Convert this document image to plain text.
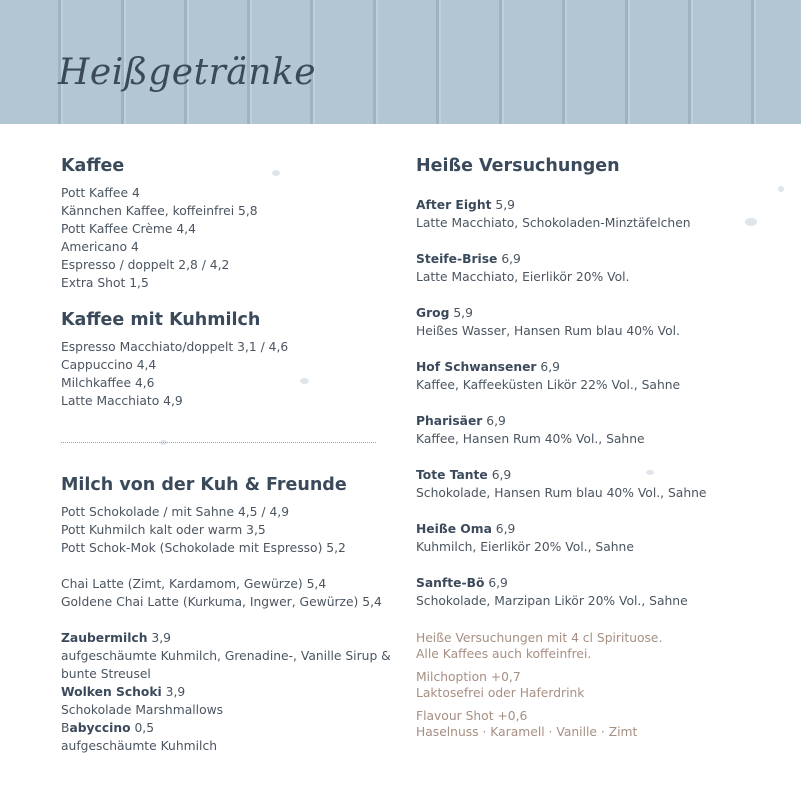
Heißgetränke
Kaffee
Pott Kaffee 4
Kännchen Kaffee, koffeinfrei 5,8
Pott Kaffee Crème 4,4
Americano 4
Espresso / doppelt 2,8 / 4,2
Extra Shot 1,5
Kaffee mit Kuhmilch
Espresso Macchiato/doppelt 3,1 / 4,6
Cappuccino 4,4
Milchkaffee 4,6
Latte Macchiato 4,9
Milch von der Kuh & Freunde
Pott Schokolade / mit Sahne 4,5 / 4,9
Pott Kuhmilch kalt oder warm 3,5
Pott Schok-Mok (Schokolade mit Espresso) 5,2
Chai Latte (Zimt, Kardamom, Gewürze) 5,4
Goldene Chai Latte (Kurkuma, Ingwer, Gewürze) 5,4
Zaubermilch 3,9
aufgeschäumte Kuhmilch, Grenadine-, Vanille Sirup & bunte Streusel
Wolken Schoki 3,9
Schokolade Marshmallows
Babyccino 0,5
aufgeschäumte Kuhmilch
Heiße Versuchungen
After Eight 5,9
Latte Macchiato, Schokoladen-Minztäfelchen
Steife-Brise 6,9
Latte Macchiato, Eierlikör 20% Vol.
Grog 5,9
Heißes Wasser, Hansen Rum blau 40% Vol.
Hof Schwansener 6,9
Kaffee, Kaffeeküsten Likör 22% Vol., Sahne
Pharisäer 6,9
Kaffee, Hansen Rum 40% Vol., Sahne
Tote Tante 6,9
Schokolade, Hansen Rum blau 40% Vol., Sahne
Heiße Oma 6,9
Kuhmilch, Eierlikör 20% Vol., Sahne
Sanfte-Bö 6,9
Schokolade, Marzipan Likör 20% Vol., Sahne
Heiße Versuchungen mit 4 cl Spirituose.
Alle Kaffees auch koffeinfrei.
Milchoption +0,7
Laktosefrei oder Haferdrink
Flavour Shot +0,6
Haselnuss · Karamell · Vanille · Zimt
